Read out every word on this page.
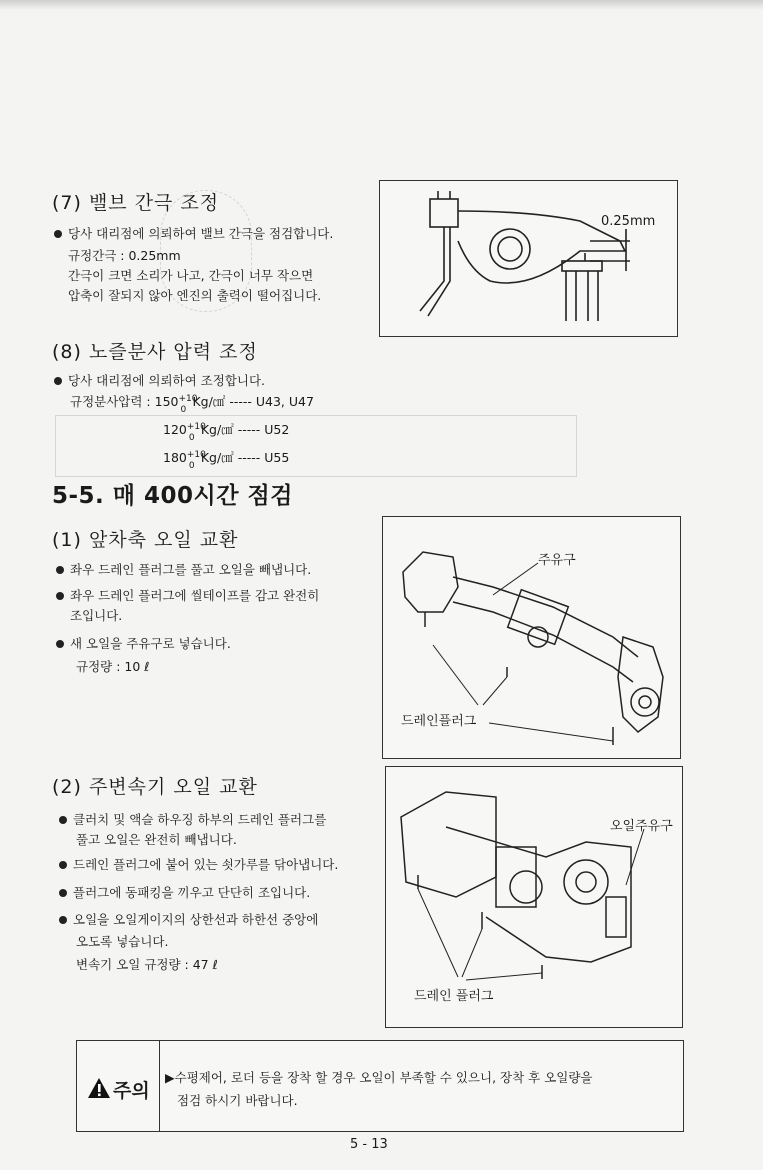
(7) 밸브 간극 조정
당사 대리점에 의뢰하여 밸브 간극을 점검합니다.
규정간극 : 0.25mm
간극이 크면 소리가 나고, 간극이 너무 작으면
압축이 잘되지 않아 엔진의 출력이 떨어집니다.
0.25mm
(8) 노즐분사 압력 조정
당사 대리점에 의뢰하여 조정합니다.
규정분사압력 : 150 +10
0
Kg/㎠ ----- U43, U47
120 +10
0
Kg/㎠ ----- U52
180 +10
0
Kg/㎠ ----- U55
5-5. 매 400시간 점검
(1) 앞차축 오일 교환
좌우 드레인 플러그를 풀고 오일을 빼냅니다.
좌우 드레인 플러그에 씰테이프를 감고 완전히
조입니다.
새 오일을 주유구로 넣습니다.
규정량 : 10 ℓ
주유구
드레인플러그
(2) 주변속기 오일 교환
클러치 및 액슬 하우징 하부의 드레인 플러그를
풀고 오일은 완전히 빼냅니다.
드레인 플러그에 붙어 있는 쇳가루를 닦아냅니다.
플러그에 동패킹을 끼우고 단단히 조입니다.
오일을 오일게이지의 상한선과 하한선 중앙에
오도록 넣습니다.
변속기 오일 규정량 : 47 ℓ
오일주유구
드레인 플러그
주의
▶수평제어, 로더 등을 장착 할 경우 오일이 부족할 수 있으니, 장착 후 오일량을
점검 하시기 바랍니다.
5 - 13
